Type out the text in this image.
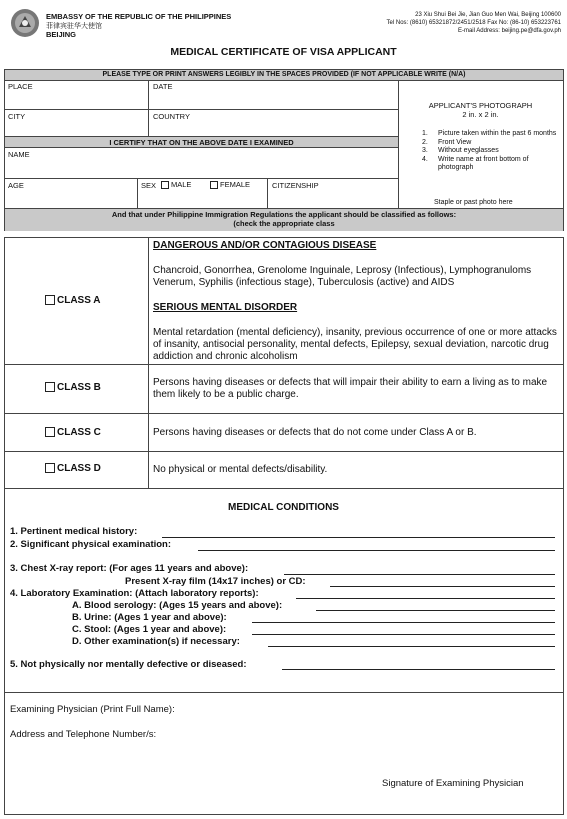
EMBASSY OF THE REPUBLIC OF THE PHILIPPINES
菲律宾驻华大使馆
BEIJING
23 Xiu Shui Bei Jie, Jian Guo Men Wai, Beijing 100600
Tel Nos: (8610) 65321872/2451/2518 Fax No: (86-10) 653223761
E-mail Address: beijing.pe@dfa.gov.ph
MEDICAL CERTIFICATE OF VISA APPLICANT
PLEASE TYPE OR PRINT ANSWERS LEGIBLY IN THE SPACES PROVIDED (IF NOT APPLICABLE WRITE (N/A)
PLACE	DATE
CITY	COUNTRY
I CERTIFY THAT ON THE ABOVE DATE I EXAMINED
NAME
AGE	SEX	MALE	FEMALE	CITIZENSHIP
APPLICANT'S PHOTOGRAPH
2 in. x 2 in.
1. Picture taken within the past 6 months
2. Front View
3. Without eyeglasses
4. Write name at front bottom of photograph
Staple or past photo here
And that under Philippine Immigration Regulations the applicant should be classified as follows:
(check the appropriate class
CLASS A
DANGEROUS AND/OR CONTAGIOUS DISEASE
Chancroid, Gonorrhea, Grenolome Inguinale, Leprosy (Infectious), Lymphogranuloms Venerum, Syphilis (infectious stage), Tuberculosis (active) and AIDS
SERIOUS MENTAL DISORDER
Mental retardation (mental deficiency), insanity, previous occurrence of one or more attacks of insanity, antisocial personality, mental defects, Epilepsy, sexual deviation, narcotic drug addiction and chronic alcoholism
CLASS B	Persons having diseases or defects that will impair their ability to earn a living as to make them likely to be a public charge.
CLASS C	Persons having diseases or defects that do not come under Class A or B.
CLASS D	No physical or mental defects/disability.
MEDICAL CONDITIONS
1. Pertinent medical history:
2. Significant physical examination:
3. Chest X-ray report: (For ages 11 years and above):
Present X-ray film (14x17 inches) or CD:
4. Laboratory Examination: (Attach laboratory reports):
A. Blood serology: (Ages 15 years and above):
B. Urine: (Ages 1 year and above):
C. Stool: (Ages 1 year and above):
D. Other examination(s) if necessary:
5. Not physically nor mentally defective or diseased:
Examining Physician (Print Full Name):
Address and Telephone Number/s:
Signature of Examining Physician
